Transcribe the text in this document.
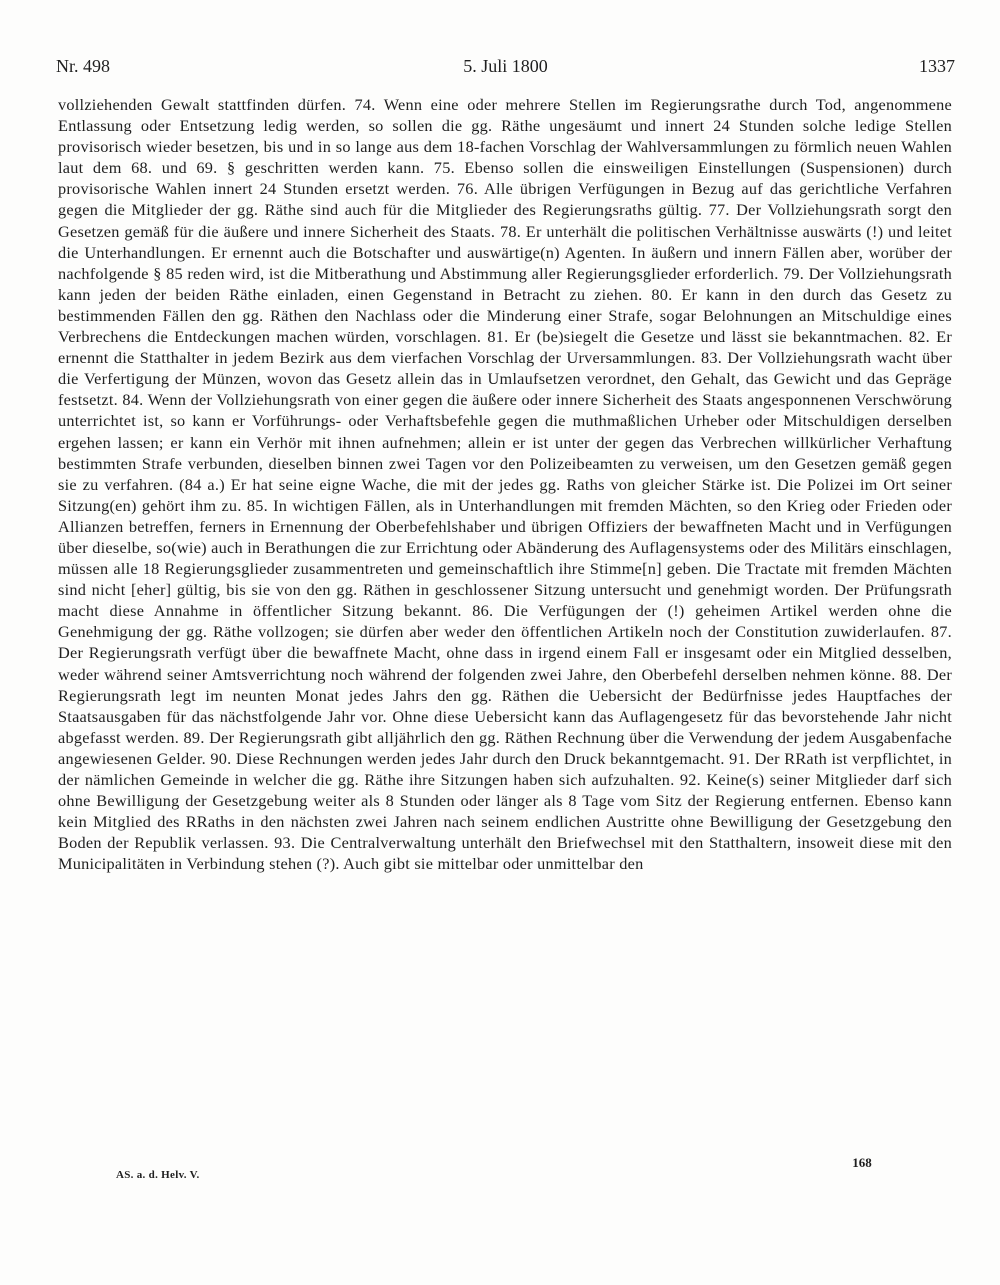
Nr. 498	5. Juli 1800	1337

vollziehenden Gewalt stattfinden dürfen. 74. Wenn eine oder mehrere Stellen im Regierungsrathe durch Tod, angenommene Entlassung oder Entsetzung ledig werden, so sollen die gg. Räthe ungesäumt und innert 24 Stunden solche ledige Stellen provisorisch wieder besetzen, bis und in so lange aus dem 18-fachen Vorschlag der Wahlversammlungen zu förmlich neuen Wahlen laut dem 68. und 69. § geschritten werden kann. 75. Ebenso sollen die einsweiligen Einstellungen (Suspensionen) durch provisorische Wahlen innert 24 Stunden ersetzt werden. 76. Alle übrigen Verfügungen in Bezug auf das gerichtliche Verfahren gegen die Mitglieder der gg. Räthe sind auch für die Mitglieder des Regierungsraths gültig. 77. Der Vollziehungsrath sorgt den Gesetzen gemäß für die äußere und innere Sicherheit des Staats. 78. Er unterhält die politischen Verhältnisse auswärts (!) und leitet die Unterhandlungen. Er ernennt auch die Botschafter und auswärtige(n) Agenten. In äußern und innern Fällen aber, worüber der nachfolgende § 85 reden wird, ist die Mitberathung und Abstimmung aller Regierungsglieder erforderlich. 79. Der Vollziehungsrath kann jeden der beiden Räthe einladen, einen Gegenstand in Betracht zu ziehen. 80. Er kann in den durch das Gesetz zu bestimmenden Fällen den gg. Räthen den Nachlass oder die Minderung einer Strafe, sogar Belohnungen an Mitschuldige eines Verbrechens die Entdeckungen machen würden, vorschlagen. 81. Er (be)siegelt die Gesetze und lässt sie bekanntmachen. 82. Er ernennt die Statthalter in jedem Bezirk aus dem vierfachen Vorschlag der Urversammlungen. 83. Der Vollziehungsrath wacht über die Verfertigung der Münzen, wovon das Gesetz allein das in Umlaufsetzen verordnet, den Gehalt, das Gewicht und das Gepräge festsetzt. 84. Wenn der Vollziehungsrath von einer gegen die äußere oder innere Sicherheit des Staats angesponnenen Verschwörung unterrichtet ist, so kann er Vorführungs- oder Verhaftsbefehle gegen die muthmaßlichen Urheber oder Mitschuldigen derselben ergehen lassen; er kann ein Verhör mit ihnen aufnehmen; allein er ist unter der gegen das Verbrechen willkürlicher Verhaftung bestimmten Strafe verbunden, dieselben binnen zwei Tagen vor den Polizeibeamten zu verweisen, um den Gesetzen gemäß gegen sie zu verfahren. (84 a.) Er hat seine eigne Wache, die mit der jedes gg. Raths von gleicher Stärke ist. Die Polizei im Ort seiner Sitzung(en) gehört ihm zu. 85. In wichtigen Fällen, als in Unterhandlungen mit fremden Mächten, so den Krieg oder Frieden oder Allianzen betreffen, ferners in Ernennung der Oberbefehlshaber und übrigen Offiziers der bewaffneten Macht und in Verfügungen über dieselbe, so(wie) auch in Berathungen die zur Errichtung oder Abänderung des Auflagensystems oder des Militärs einschlagen, müssen alle 18 Regierungsglieder zusammentreten und gemeinschaftlich ihre Stimme[n] geben. Die Tractate mit fremden Mächten sind nicht [eher] gültig, bis sie von den gg. Räthen in geschlossener Sitzung untersucht und genehmigt worden. Der Prüfungsrath macht diese Annahme in öffentlicher Sitzung bekannt. 86. Die Verfügungen der (!) geheimen Artikel werden ohne die Genehmigung der gg. Räthe vollzogen; sie dürfen aber weder den öffentlichen Artikeln noch der Constitution zuwiderlaufen. 87. Der Regierungsrath verfügt über die bewaffnete Macht, ohne dass in irgend einem Fall er insgesamt oder ein Mitglied desselben, weder während seiner Amtsverrichtung noch während der folgenden zwei Jahre, den Oberbefehl derselben nehmen könne. 88. Der Regierungsrath legt im neunten Monat jedes Jahrs den gg. Räthen die Uebersicht der Bedürfnisse jedes Hauptfaches der Staatsausgaben für das nächstfolgende Jahr vor. Ohne diese Uebersicht kann das Auflagengesetz für das bevorstehende Jahr nicht abgefasst werden. 89. Der Regierungsrath gibt alljährlich den gg. Räthen Rechnung über die Verwendung der jedem Ausgabenfache angewiesenen Gelder. 90. Diese Rechnungen werden jedes Jahr durch den Druck bekanntgemacht. 91. Der RRath ist verpflichtet, in der nämlichen Gemeinde in welcher die gg. Räthe ihre Sitzungen haben sich aufzuhalten. 92. Keine(s) seiner Mitglieder darf sich ohne Bewilligung der Gesetzgebung weiter als 8 Stunden oder länger als 8 Tage vom Sitz der Regierung entfernen. Ebenso kann kein Mitglied des RRaths in den nächsten zwei Jahren nach seinem endlichen Austritte ohne Bewilligung der Gesetzgebung den Boden der Republik verlassen. 93. Die Centralverwaltung unterhält den Briefwechsel mit den Statthaltern, insoweit diese mit den Municipalitäten in Verbindung stehen (?). Auch gibt sie mittelbar oder unmittelbar den

168
AS. a. d. Helv. V.
